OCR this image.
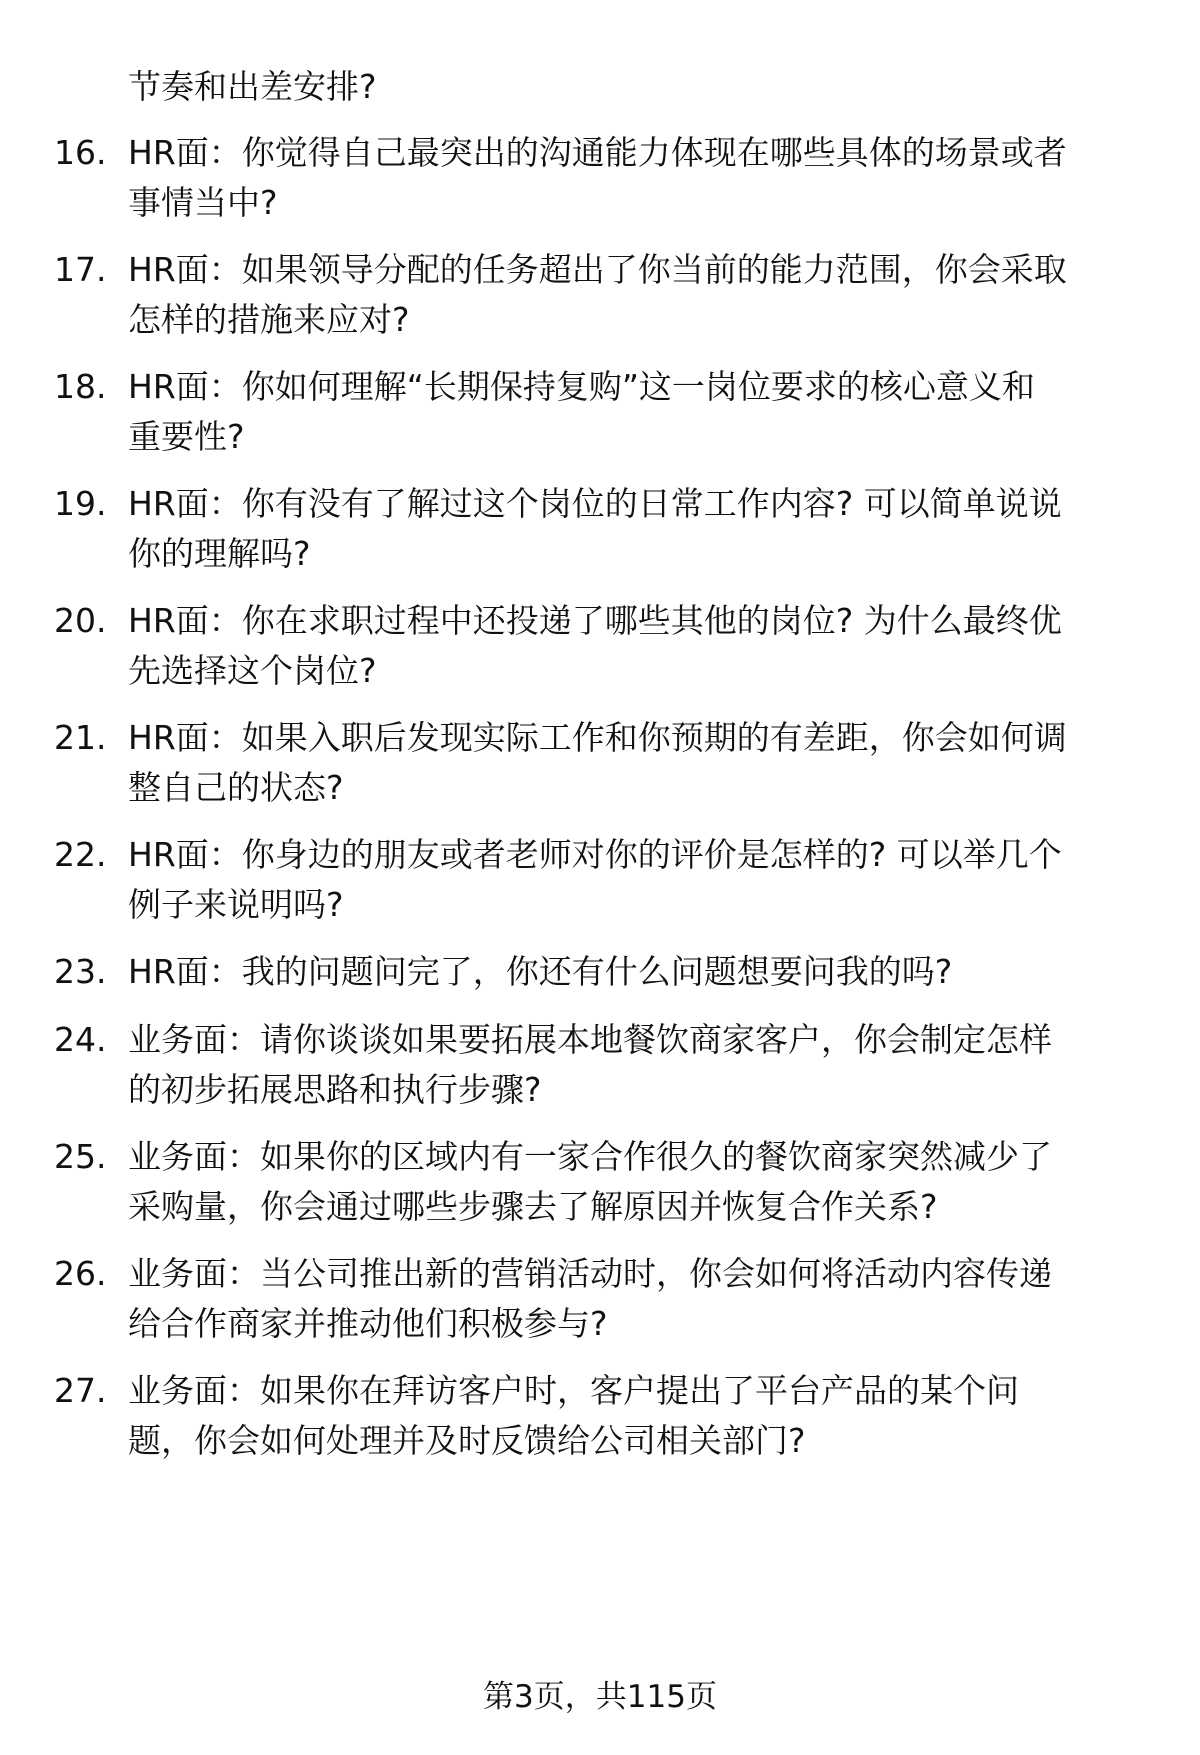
节奏和出差安排?
16. HR面：你觉得自己最突出的沟通能力体现在哪些具体的场景或者
事情当中?
17. HR面：如果领导分配的任务超出了你当前的能力范围，你会采取
怎样的措施来应对?
18. HR面：你如何理解“长期保持复购”这一岗位要求的核心意义和
重要性?
19. HR面：你有没有了解过这个岗位的日常工作内容? 可以简单说说
你的理解吗?
20. HR面：你在求职过程中还投递了哪些其他的岗位? 为什么最终优
先选择这个岗位?
21. HR面：如果入职后发现实际工作和你预期的有差距，你会如何调
整自己的状态?
22. HR面：你身边的朋友或者老师对你的评价是怎样的? 可以举几个
例子来说明吗?
23. HR面：我的问题问完了，你还有什么问题想要问我的吗?
24. 业务面：请你谈谈如果要拓展本地餐饮商家客户，你会制定怎样
的初步拓展思路和执行步骤?
25. 业务面：如果你的区域内有一家合作很久的餐饮商家突然减少了
采购量，你会通过哪些步骤去了解原因并恢复合作关系?
26. 业务面：当公司推出新的营销活动时，你会如何将活动内容传递
给合作商家并推动他们积极参与?
27. 业务面：如果你在拜访客户时，客户提出了平台产品的某个问
题，你会如何处理并及时反馈给公司相关部门?
第3页，共115页
